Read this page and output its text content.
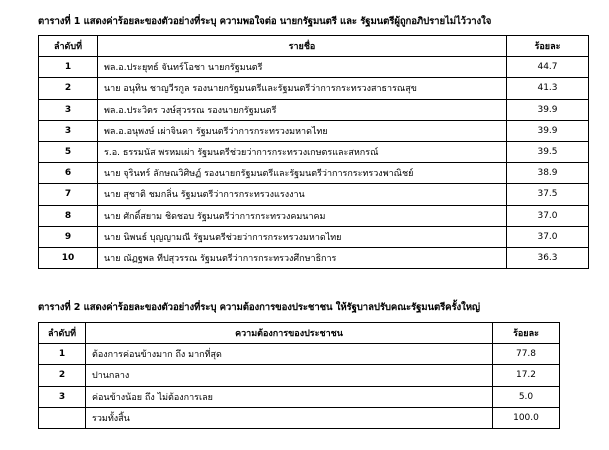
ตารางที่ 1 แสดงค่าร้อยละของตัวอย่างที่ระบุ ความพอใจต่อ นายกรัฐมนตรี และ รัฐมนตรีผู้ถูกอภิปรายไม่ไว้วางใจ
ลำดับที่	รายชื่อ	ร้อยละ
1	พล.อ.ประยุทธ์ จันทร์โอชา นายกรัฐมนตรี	44.7
2	นาย อนุทิน ชาญวีรกูล รองนายกรัฐมนตรีและรัฐมนตรีว่าการกระทรวงสาธารณสุข	41.3
3	พล.อ.ประวิตร วงษ์สุวรรณ รองนายกรัฐมนตรี	39.9
3	พล.อ.อนุพงษ์ เผ่าจินดา รัฐมนตรีว่าการกระทรวงมหาดไทย	39.9
5	ร.อ. ธรรมนัส พรหมเผ่า รัฐมนตรีช่วยว่าการกระทรวงเกษตรและสหกรณ์	39.5
6	นาย จุรินทร์ ลักษณวิศิษฏ์ รองนายกรัฐมนตรีและรัฐมนตรีว่าการกระทรวงพาณิชย์	38.9
7	นาย สุชาติ ชมกลิ่น รัฐมนตรีว่าการกระทรวงแรงงาน	37.5
8	นาย ศักดิ์สยาม ชิดชอบ รัฐมนตรีว่าการกระทรวงคมนาคม	37.0
9	นาย นิพนธ์ บุญญามณี รัฐมนตรีช่วยว่าการกระทรวงมหาดไทย	37.0
10	นาย ณัฏฐพล ทีปสุวรรณ รัฐมนตรีว่าการกระทรวงศึกษาธิการ	36.3
ตารางที่ 2 แสดงค่าร้อยละของตัวอย่างที่ระบุ ความต้องการของประชาชน ให้รัฐบาลปรับคณะรัฐมนตรีครั้งใหญ่
ลำดับที่	ความต้องการของประชาชน	ร้อยละ
1	ต้องการค่อนข้างมาก ถึง มากที่สุด	77.8
2	ปานกลาง	17.2
3	ค่อนข้างน้อย ถึง ไม่ต้องการเลย	5.0
	รวมทั้งสิ้น	100.0
